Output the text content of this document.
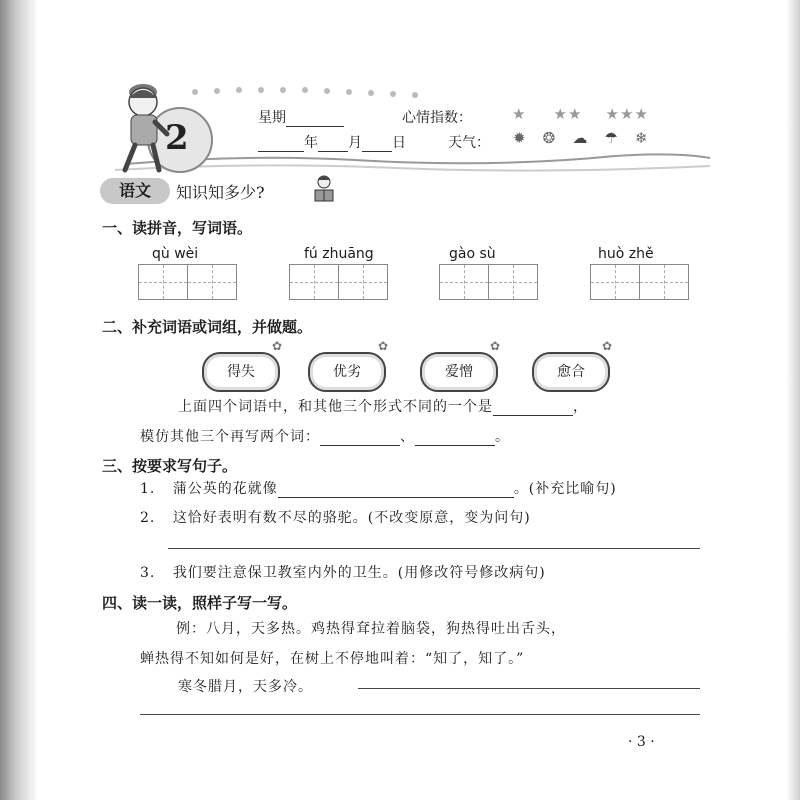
2	星期	心情指数：	★ ★★ ★★★
年 月 日	天气： ✹ ❂ ☁ ☂ ❄
语文	知识知多少?
一、读拼音，写词语。
qù wèi	fú zhuāng	gào sù	huò zhě
二、补充词语或词组，并做题。
得失
✿
优劣
✿
爱憎
✿
愈合
✿
上面四个词语中，和其他三个形式不同的一个是	，
模仿其他三个再写两个词：	、	。
三、按要求写句子。
1. 蒲公英的花就像	。(补充比喻句)
2. 这恰好表明有数不尽的骆驼。(不改变原意，变为问句)
3. 我们要注意保卫教室内外的卫生。(用修改符号修改病句)
四、读一读，照样子写一写。
例：八月，天多热。鸡热得耷拉着脑袋，狗热得吐出舌头，
蝉热得不知如何是好，在树上不停地叫着：“知了，知了。”
寒冬腊月，天多冷。
· 3 ·
